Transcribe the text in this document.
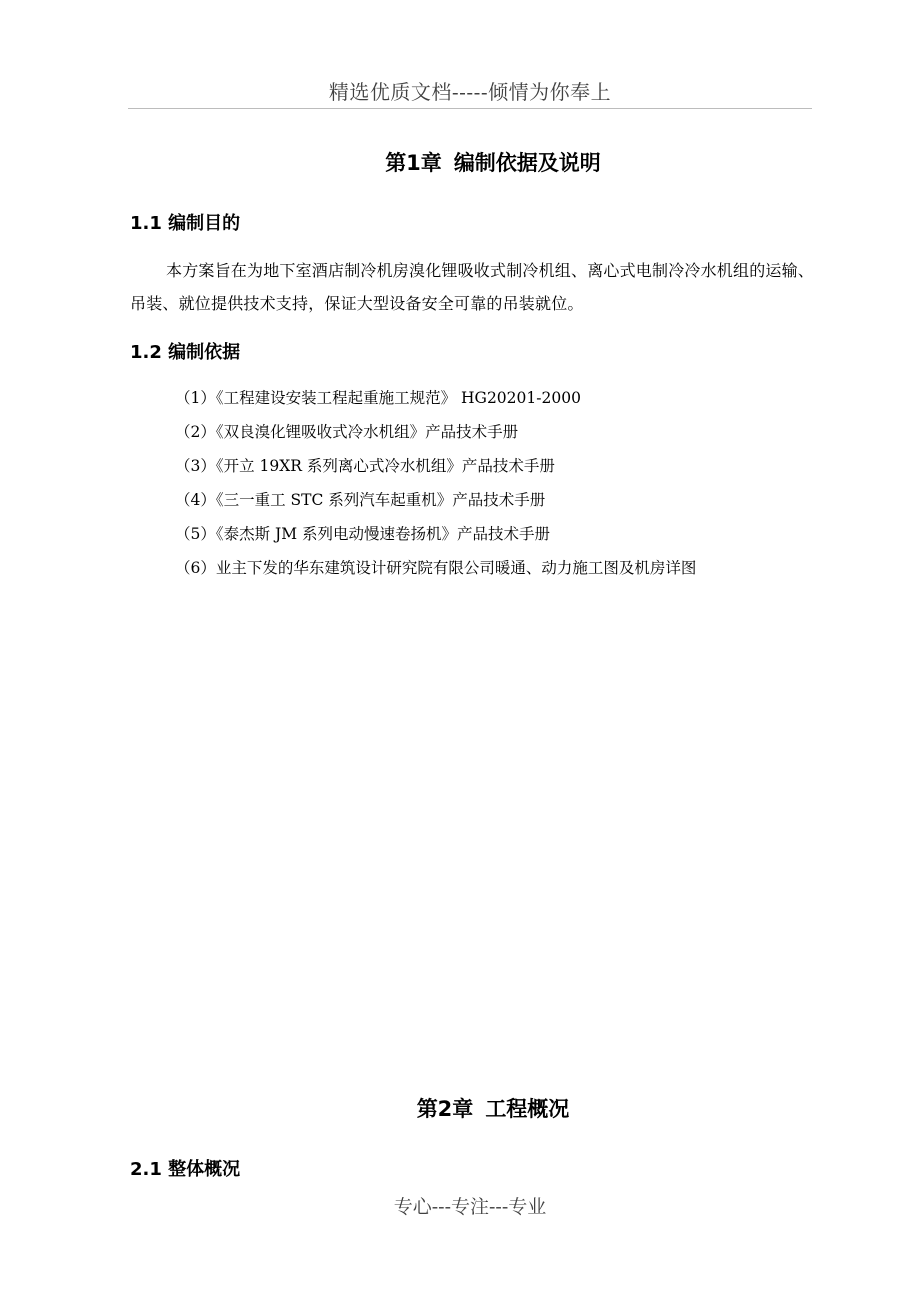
精选优质文档-----倾情为你奉上
第1章 编制依据及说明
1.1 编制目的
本方案旨在为地下室酒店制冷机房溴化锂吸收式制冷机组、离心式电制冷冷水机组的运输、吊装、就位提供技术支持，保证大型设备安全可靠的吊装就位。
1.2 编制依据
（1）《工程建设安装工程起重施工规范》 HG20201-2000
（2）《双良溴化锂吸收式冷水机组》产品技术手册
（3）《开立 19XR 系列离心式冷水机组》产品技术手册
（4）《三一重工 STC 系列汽车起重机》产品技术手册
（5）《泰杰斯 JM 系列电动慢速卷扬机》产品技术手册
（6）业主下发的华东建筑设计研究院有限公司暖通、动力施工图及机房详图
第2章 工程概况
2.1 整体概况
专心---专注---专业
